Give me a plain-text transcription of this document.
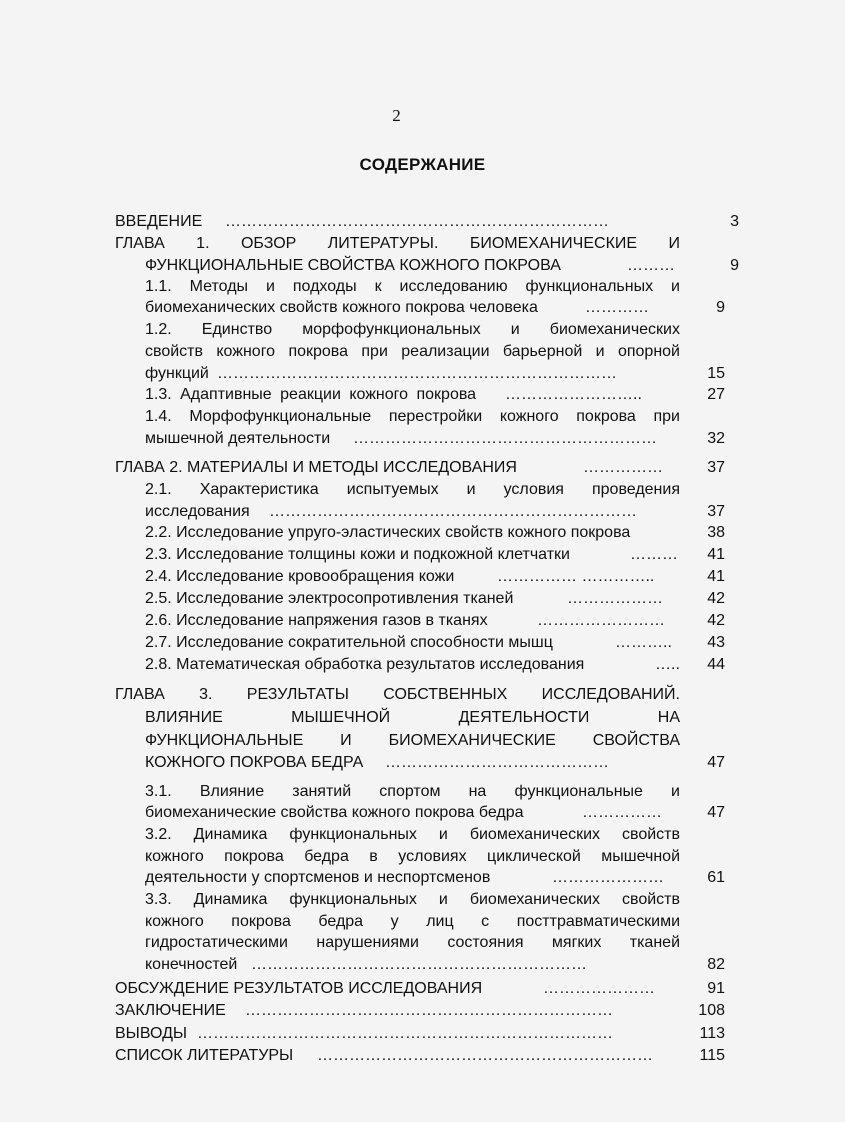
2
СОДЕРЖАНИЕ
ВВЕДЕНИЕ ………………………………………………………………	3
ГЛАВА 1. ОБЗОР ЛИТЕРАТУРЫ. БИОМЕХАНИЧЕСКИЕ И
ФУНКЦИОНАЛЬНЫЕ СВОЙСТВА КОЖНОГО ПОКРОВА	………	9
1.1. Методы и подходы к исследованию функциональных и
биомеханических свойств кожного покрова человека	…………	9
1.2. Единство морфофункциональных и биомеханических
свойств кожного покрова при реализации барьерной и опорной
функций …………………………………………………………………	15
1.3. Адаптивные реакции кожного покрова ……………………..	27
1.4. Морфофункциональные перестройки кожного покрова при
мышечной деятельности …………………………………………………	32
ГЛАВА 2. МАТЕРИАЛЫ И МЕТОДЫ ИССЛЕДОВАНИЯ	……………	37
2.1. Характеристика испытуемых и условия проведения
исследования ……………………………………………………………	37
2.2. Исследование упруго-эластических свойств кожного покрова	38
2.3. Исследование толщины кожи и подкожной клетчатки	………	41
2.4. Исследование кровообращения кожи	…………… …………..	41
2.5. Исследование электросопротивления тканей	………………	42
2.6. Исследование напряжения газов в тканях	……………………	42
2.7. Исследование сократительной способности мышц	………..	43
2.8. Математическая обработка результатов исследования	…..	44
ГЛАВА 3. РЕЗУЛЬТАТЫ СОБСТВЕННЫХ ИССЛЕДОВАНИЙ.
ВЛИЯНИЕ МЫШЕЧНОЙ ДЕЯТЕЛЬНОСТИ НА
ФУНКЦИОНАЛЬНЫЕ И БИОМЕХАНИЧЕСКИЕ СВОЙСТВА
КОЖНОГО ПОКРОВА БЕДРА ……………………………………	47
3.1. Влияние занятий спортом на функциональные и
биомеханические свойства кожного покрова бедра	……………	47
3.2. Динамика функциональных и биомеханических свойств
кожного покрова бедра в условиях циклической мышечной
деятельности у спортсменов и неспортсменов	…………………	61
3.3. Динамика функциональных и биомеханических свойств
кожного покрова бедра у лиц с посттравматическими
гидростатическими нарушениями состояния мягких тканей
конечностей ………………………………………………………	82
ОБСУЖДЕНИЕ РЕЗУЛЬТАТОВ ИССЛЕДОВАНИЯ	…………………	91
ЗАКЛЮЧЕНИЕ ……………………………………………………………	108
ВЫВОДЫ ……………………………………………………………………	113
СПИСОК ЛИТЕРАТУРЫ ………………………………………………………	115
